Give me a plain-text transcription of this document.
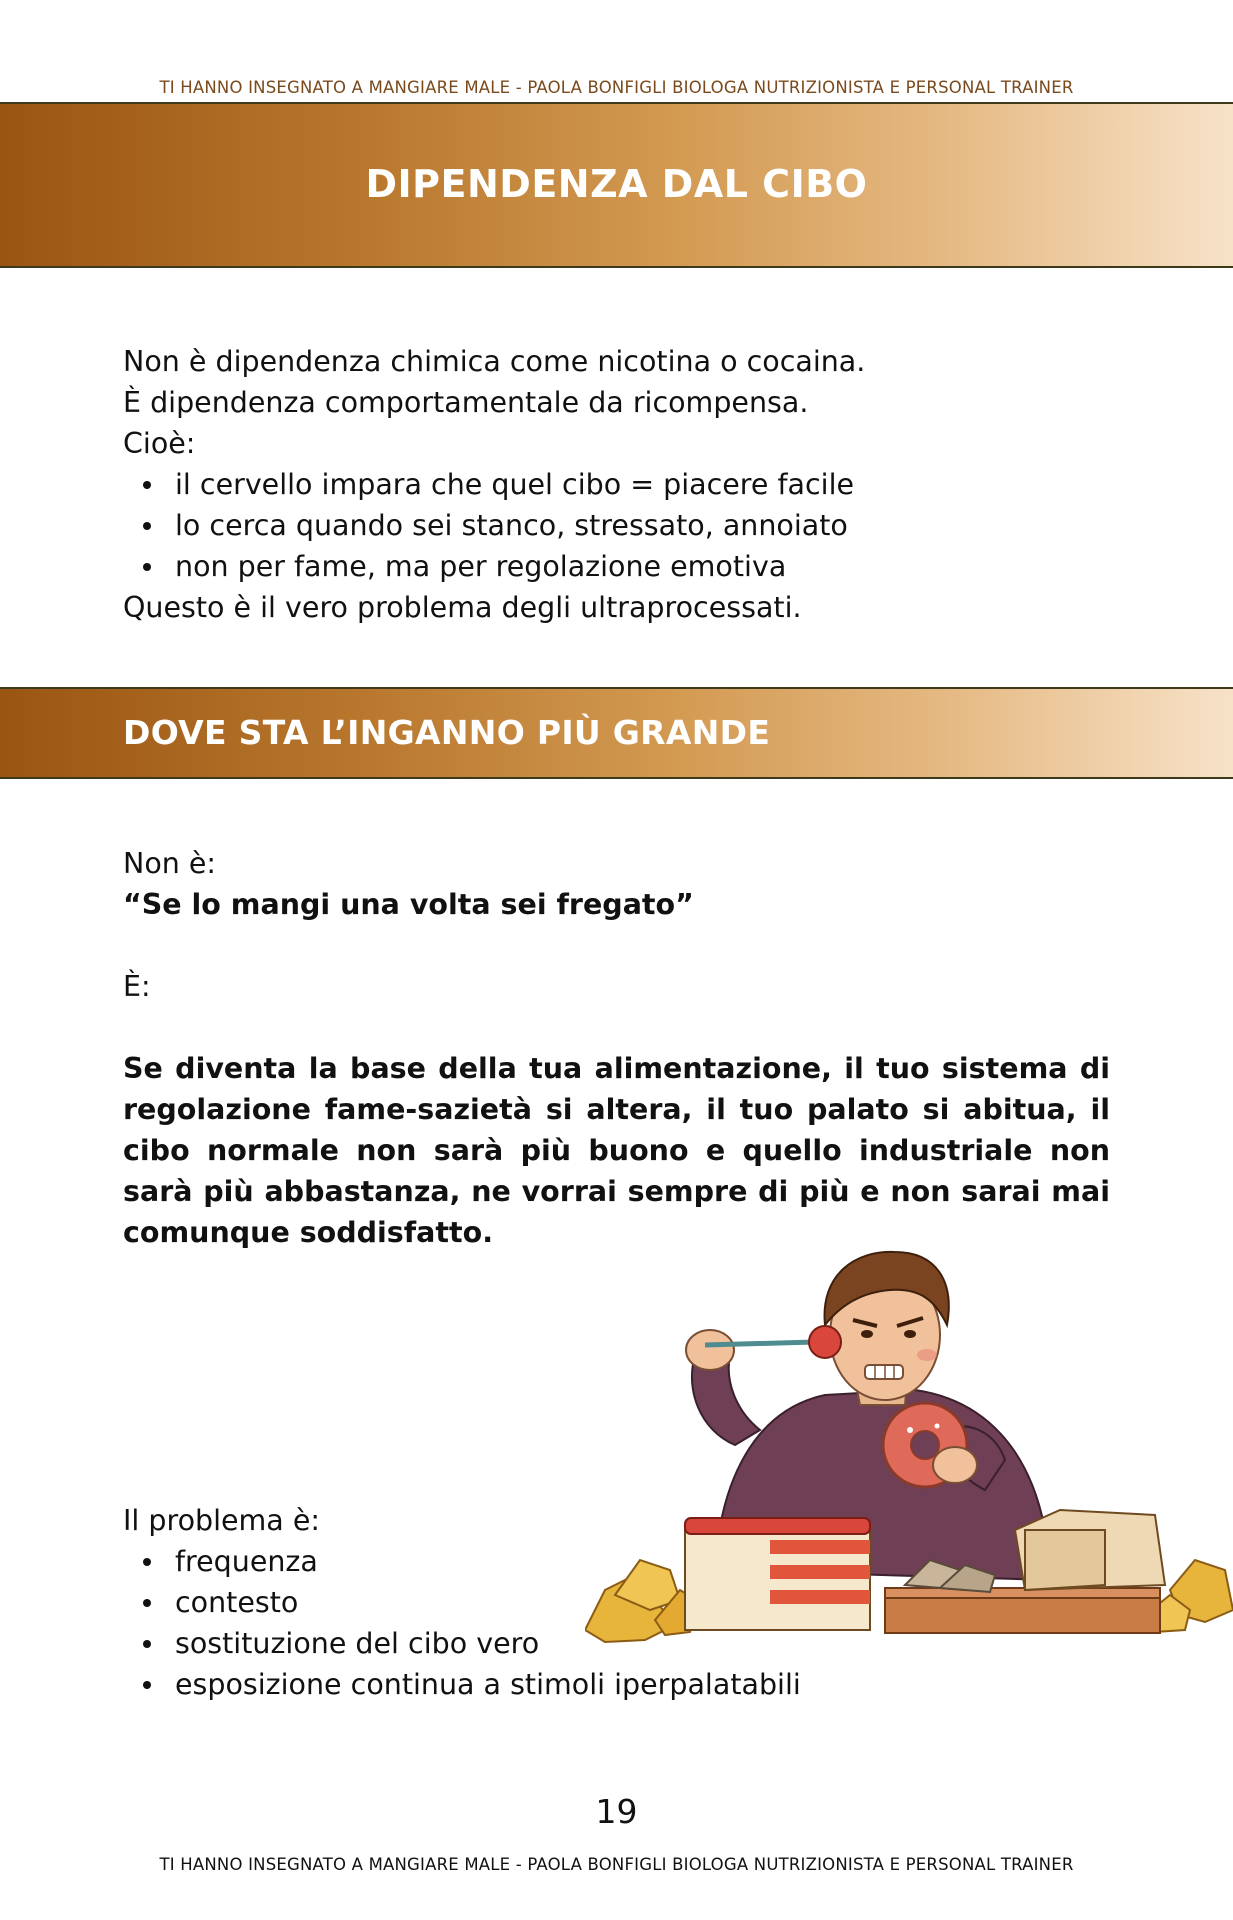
TI HANNO INSEGNATO A MANGIARE MALE - PAOLA BONFIGLI BIOLOGA NUTRIZIONISTA E PERSONAL TRAINER
DIPENDENZA DAL CIBO

Non è dipendenza chimica come nicotina o cocaina.

È dipendenza comportamentale da ricompensa.

Cioè:

il cervello impara che quel cibo = piacere facile
lo cerca quando sei stanco, stressato, annoiato
non per fame, ma per regolazione emotiva

Questo è il vero problema degli ultraprocessati.

DOVE STA L’INGANNO PIÙ GRANDE
Non è:
“Se lo mangi una volta sei fregato”
È:
Se diventa la base della tua alimentazione, il tuo sistema di regolazione fame-sazietà si altera, il tuo palato si abitua, il cibo normale non sarà più buono e quello industriale non sarà più abbastanza, ne vorrai sempre di più e non sarai mai comunque soddisfatto.
Il problema è:
frequenza
contesto
sostituzione del cibo vero
esposizione continua a stimoli iperpalatabili
19
TI HANNO INSEGNATO A MANGIARE MALE - PAOLA BONFIGLI BIOLOGA NUTRIZIONISTA E PERSONAL TRAINER
